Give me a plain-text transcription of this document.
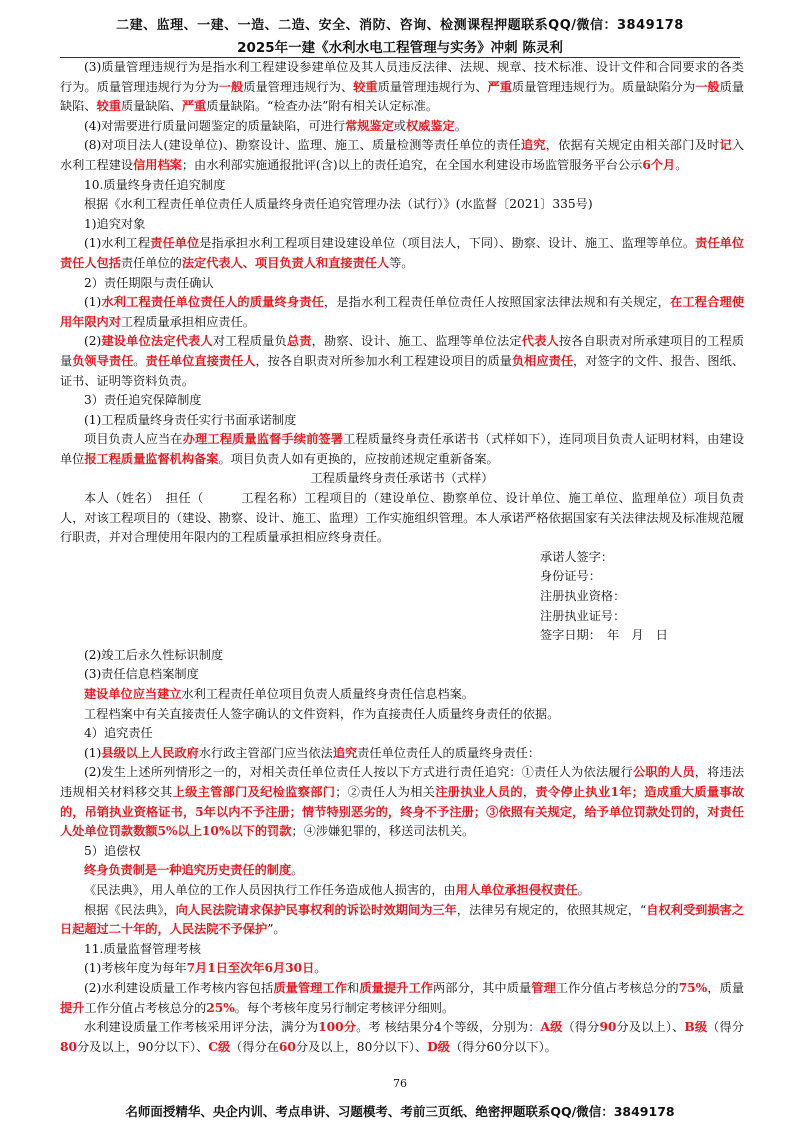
二建、监理、一建、一造、二造、安全、消防、咨询、检测课程押题联系QQ/微信：3849178
2025年一建《水利水电工程管理与实务》冲刺 陈灵利

(3)质量管理违规行为是指水利工程建设参建单位及其人员违反法律、法规、规章、技术标准、设计文件和合同要求的各类行为。质量管理违规行为分为一般质量管理违规行为、较重质量管理违规行为、严重质量管理违规行为。质量缺陷分为一般质量缺陷、较重质量缺陷、严重质量缺陷。“检查办法”附有相关认定标准。

(4)对需要进行质量问题鉴定的质量缺陷，可进行常规鉴定或权威鉴定。

(8)对项目法人(建设单位)、勘察设计、监理、施工、质量检测等责任单位的责任追究，依据有关规定由相关部门及时记入水利工程建设信用档案；由水利部实施通报批评(含)以上的责任追究，在全国水利建设市场监管服务平台公示6个月。

10.质量终身责任追究制度

根据《水利工程责任单位责任人质量终身责任追究管理办法（试行）》(水监督〔2021〕335号)

1)追究对象

(1)水利工程责任单位是指承担水利工程项目建设建设单位（项目法人，下同）、勘察、设计、施工、监理等单位。责任单位责任人包括责任单位的法定代表人、项目负责人和直接责任人等。

2）责任期限与责任确认

(1)水利工程责任单位责任人的质量终身责任，是指水利工程责任单位责任人按照国家法律法规和有关规定，在工程合理使用年限内对工程质量承担相应责任。

(2)建设单位法定代表人对工程质量负总责，勘察、设计、施工、监理等单位法定代表人按各自职责对所承建项目的工程质量负领导责任。责任单位直接责任人，按各自职责对所参加水利工程建设项目的质量负相应责任，对签字的文件、报告、图纸、证书、证明等资料负责。

3）责任追究保障制度

(1)工程质量终身责任实行书面承诺制度

项目负责人应当在办理工程质量监督手续前签署工程质量终身责任承诺书（式样如下），连同项目负责人证明材料，由建设单位报工程质量监督机构备案。项目负责人如有更换的，应按前述规定重新备案。

工程质量终身责任承诺书（式样）

本人（姓名）　担任（　　　工程名称）工程项目的（建设单位、勘察单位、设计单位、施工单位、监理单位）项目负责人，对该工程项目的（建设、勘察、设计、施工、监理）工作实施组织管理。本人承诺严格依据国家有关法律法规及标准规范履行职责，并对合理使用年限内的工程质量承担相应终身责任。

承诺人签字：

身份证号：

注册执业资格：

注册执业证号：

签字日期：　年　月　日

(2)竣工后永久性标识制度

(3)责任信息档案制度

建设单位应当建立水利工程责任单位项目负责人质量终身责任信息档案。

工程档案中有关直接责任人签字确认的文件资料，作为直接责任人质量终身责任的依据。

4）追究责任

(1)县级以上人民政府水行政主管部门应当依法追究责任单位责任人的质量终身责任：

(2)发生上述所列情形之一的，对相关责任单位责任人按以下方式进行责任追究：①责任人为依法履行公职的人员，将违法违规相关材料移交其上级主管部门及纪检监察部门；②责任人为相关注册执业人员的，责令停止执业1年；造成重大质量事故的，吊销执业资格证书，5年以内不予注册；情节特别恶劣的，终身不予注册；③依照有关规定，给予单位罚款处罚的，对责任人处单位罚款数额5%以上10%以下的罚款；④涉嫌犯罪的，移送司法机关。

5）追偿权

终身负责制是一种追究历史责任的制度。

《民法典》，用人单位的工作人员因执行工作任务造成他人损害的，由用人单位承担侵权责任。

根据《民法典》，向人民法院请求保护民事权利的诉讼时效期间为三年，法律另有规定的，依照其规定，“自权利受到损害之日起超过二十年的，人民法院不予保护”。

11.质量监督管理考核

(1)考核年度为每年7月1日至次年6月30日。

(2)水利建设质量工作考核内容包括质量管理工作和质量提升工作两部分，其中质量管理工作分值占考核总分的75%，质量提升工作分值占考核总分的25%。每个考核年度另行制定考核评分细则。

水利建设质量工作考核采用评分法，满分为100分。考 核结果分4个等级，分别为：A级（得分90分及以上）、B级（得分80分及以上，90分以下）、C级（得分在60分及以上，80分以下）、D级（得分60分以下）。

76
名师面授精华、央企内训、考点串讲、习题模考、考前三页纸、绝密押题联系QQ/微信：3849178
